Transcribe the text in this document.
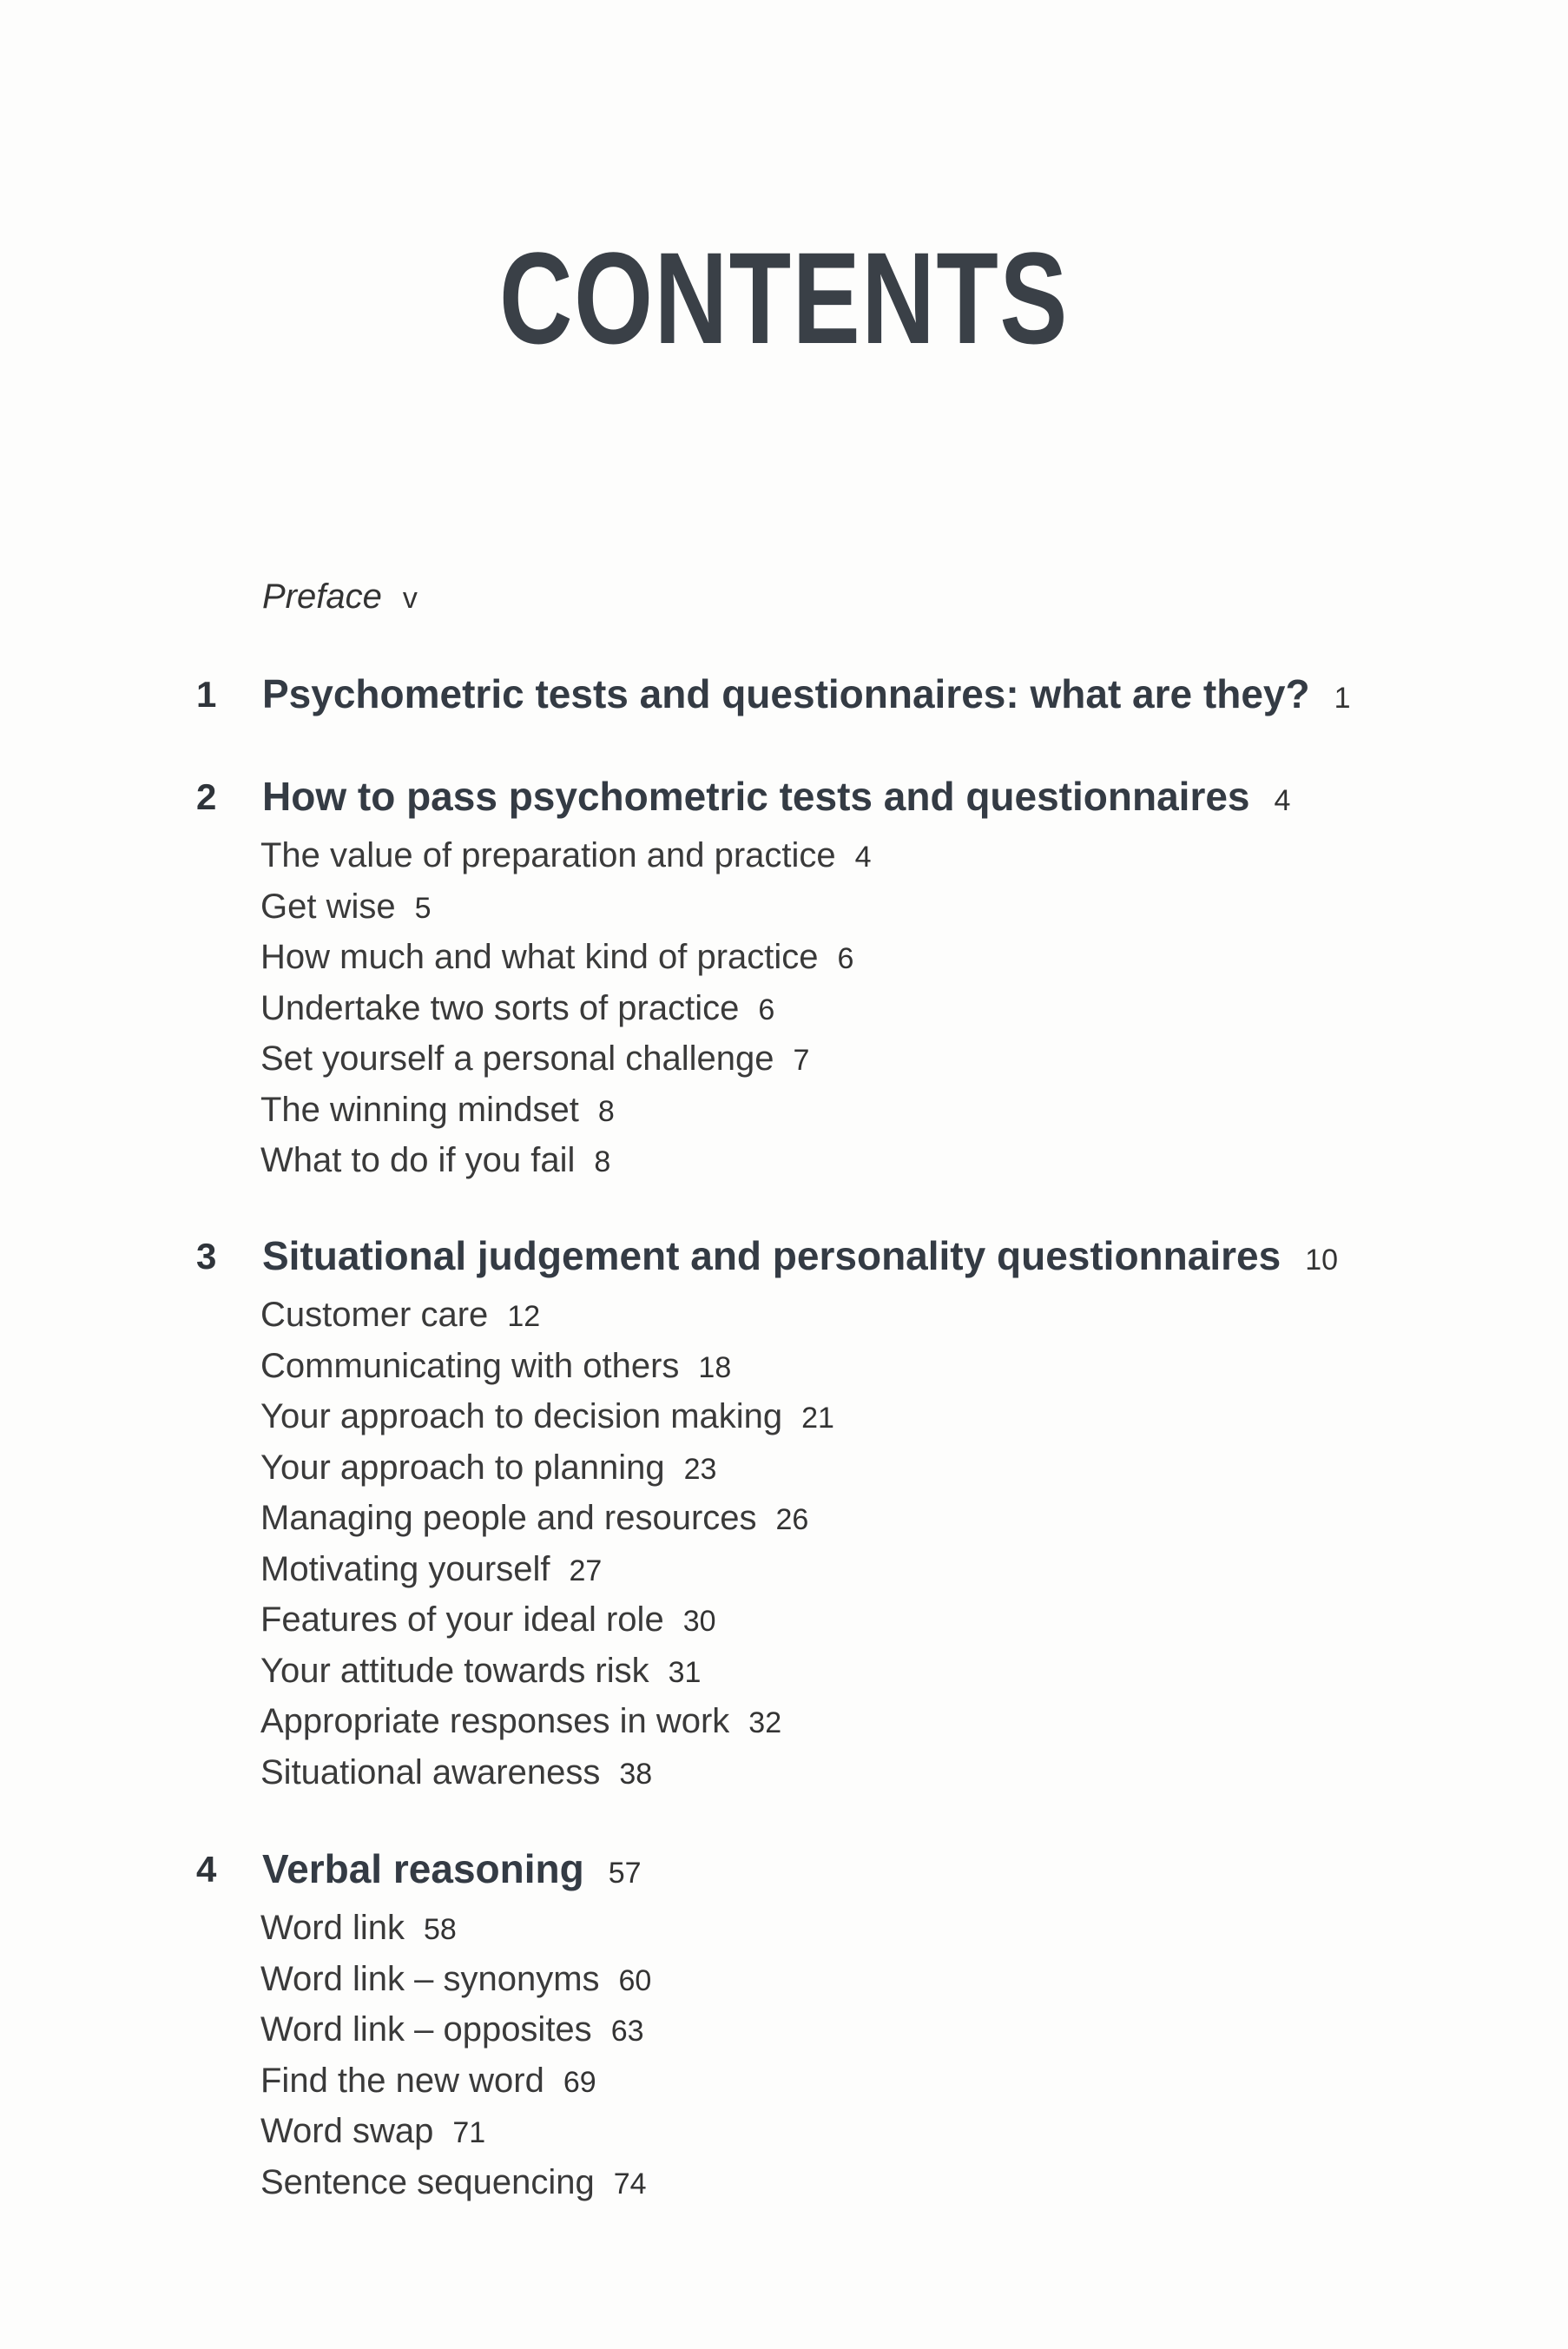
CONTENTS
Preface v
1 Psychometric tests and questionnaires: what are they? 1
2 How to pass psychometric tests and questionnaires 4
The value of preparation and practice 4
Get wise 5
How much and what kind of practice 6
Undertake two sorts of practice 6
Set yourself a personal challenge 7
The winning mindset 8
What to do if you fail 8
3 Situational judgement and personality questionnaires 10
Customer care 12
Communicating with others 18
Your approach to decision making 21
Your approach to planning 23
Managing people and resources 26
Motivating yourself 27
Features of your ideal role 30
Your attitude towards risk 31
Appropriate responses in work 32
Situational awareness 38
4 Verbal reasoning 57
Word link 58
Word link – synonyms 60
Word link – opposites 63
Find the new word 69
Word swap 71
Sentence sequencing 74
